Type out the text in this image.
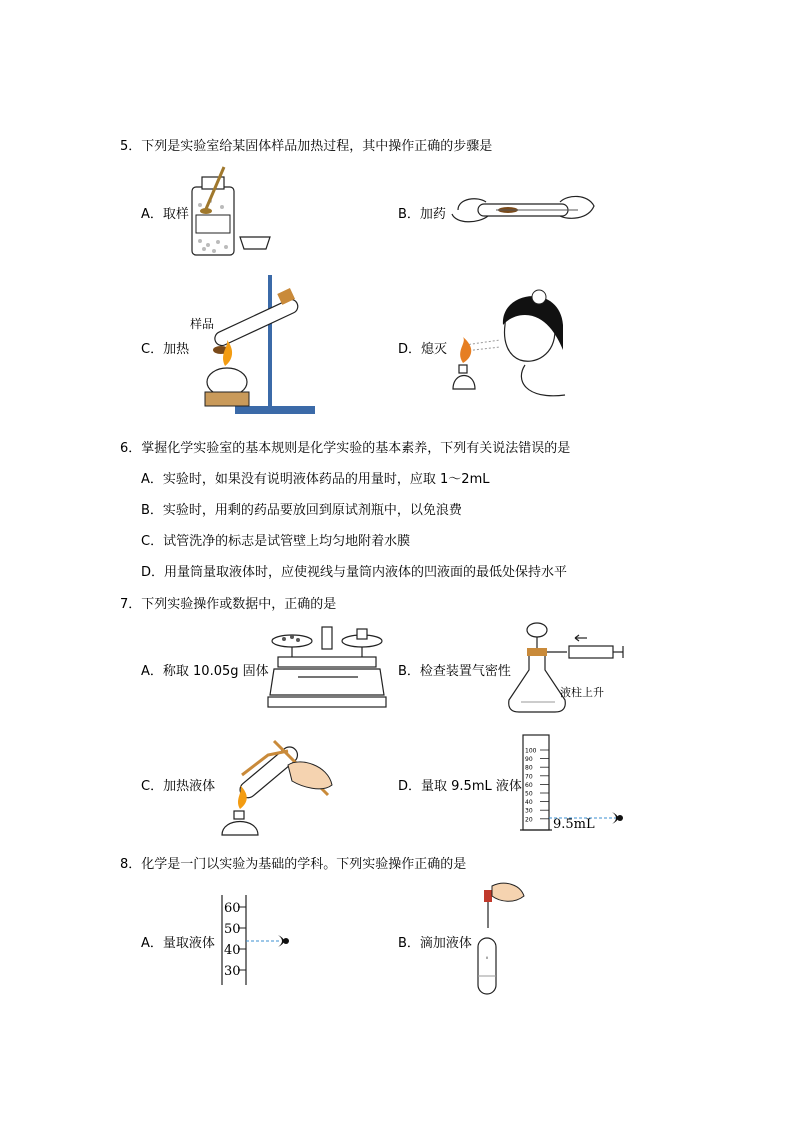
5．下列是实验室给某固体样品加热过程，其中操作正确的步骤是
A．取样	B．加药
C．加热
样品
D．熄灭
6．掌握化学实验室的基本规则是化学实验的基本素养，下列有关说法错误的是
A．实验时，如果没有说明液体药品的用量时，应取 1～2mL
B．实验时，用剩的药品要放回到原试剂瓶中，以免浪费
C．试管洗净的标志是试管壁上均匀地附着水膜
D．用量筒量取液体时，应使视线与量筒内液体的凹液面的最低处保持水平
7．下列实验操作或数据中，正确的是
A．称取 10.05g 固体	B．检查装置气密性
液柱上升
C．加热液体	D．量取 9.5mL 液体
100
90
80
70
60
50
40
30
20 9.5mL
8．化学是一门以实验为基础的学科。下列实验操作正确的是
A．量取液体
60
50
40
30
B．滴加液体
